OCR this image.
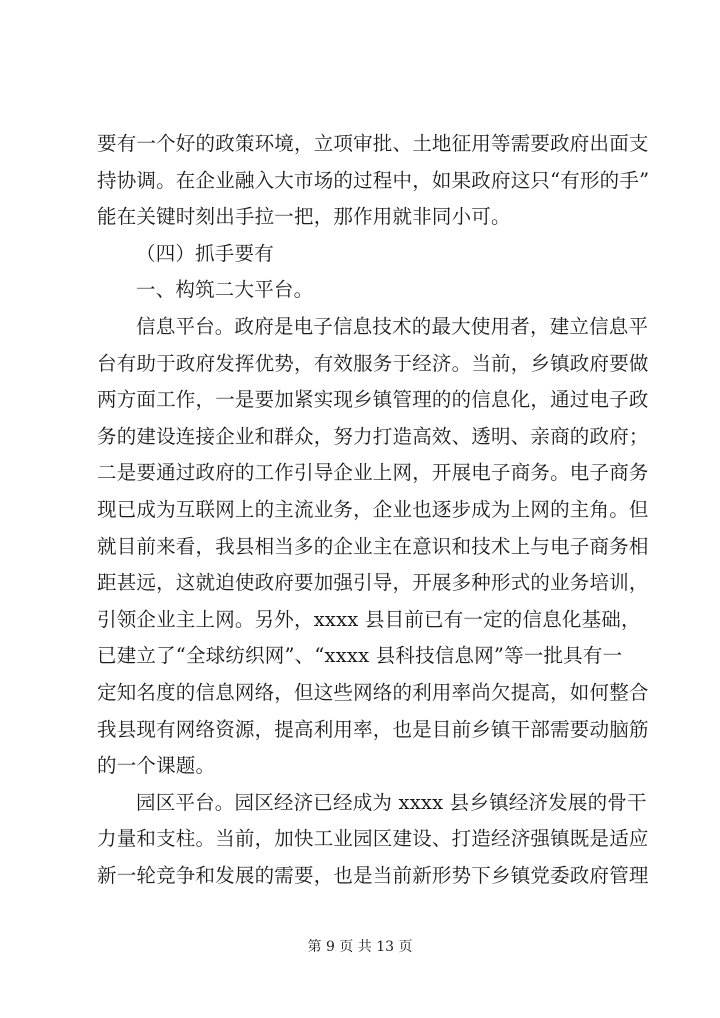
要有一个好的政策环境，立项审批、土地征用等需要政府出面支
持协调。在企业融入大市场的过程中，如果政府这只“有形的手”
能在关键时刻出手拉一把，那作用就非同小可。
（四）抓手要有
一、构筑二大平台。
信息平台。政府是电子信息技术的最大使用者，建立信息平
台有助于政府发挥优势，有效服务于经济。当前，乡镇政府要做
两方面工作，一是要加紧实现乡镇管理的的信息化，通过电子政
务的建设连接企业和群众，努力打造高效、透明、亲商的政府；
二是要通过政府的工作引导企业上网，开展电子商务。电子商务
现已成为互联网上的主流业务，企业也逐步成为上网的主角。但
就目前来看，我县相当多的企业主在意识和技术上与电子商务相
距甚远，这就迫使政府要加强引导，开展多种形式的业务培训，
引领企业主上网。另外，xxxx 县目前已有一定的信息化基础，
已建立了“全球纺织网”、“xxxx 县科技信息网”等一批具有一
定知名度的信息网络，但这些网络的利用率尚欠提高，如何整合
我县现有网络资源，提高利用率，也是目前乡镇干部需要动脑筋
的一个课题。
园区平台。园区经济已经成为 xxxx 县乡镇经济发展的骨干
力量和支柱。当前，加快工业园区建设、打造经济强镇既是适应
新一轮竞争和发展的需要，也是当前新形势下乡镇党委政府管理
第 9 页 共 13 页
